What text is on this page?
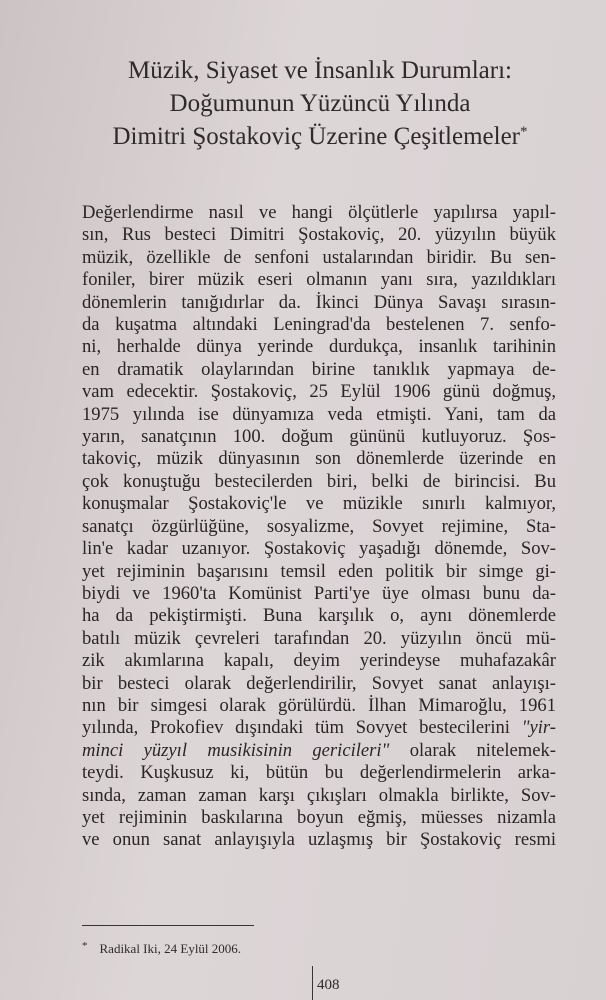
Müzik, Siyaset ve İnsanlık Durumları:
Doğumunun Yüzüncü Yılında
Dimitri Şostakoviç Üzerine Çeşitlemeler*
Değerlendirme nasıl ve hangi ölçütlerle yapılırsa yapıl-
sın, Rus besteci Dimitri Şostakoviç, 20. yüzyılın büyük
müzik, özellikle de senfoni ustalarından biridir. Bu sen-
foniler, birer müzik eseri olmanın yanı sıra, yazıldıkları
dönemlerin tanığıdırlar da. İkinci Dünya Savaşı sırasın-
da kuşatma altındaki Leningrad'da bestelenen 7. senfo-
ni, herhalde dünya yerinde durdukça, insanlık tarihinin
en dramatik olaylarından birine tanıklık yapmaya de-
vam edecektir. Şostakoviç, 25 Eylül 1906 günü doğmuş,
1975 yılında ise dünyamıza veda etmişti. Yani, tam da
yarın, sanatçının 100. doğum gününü kutluyoruz. Şos-
takoviç, müzik dünyasının son dönemlerde üzerinde en
çok konuştuğu bestecilerden biri, belki de birincisi. Bu
konuşmalar Şostakoviç'le ve müzikle sınırlı kalmıyor,
sanatçı özgürlüğüne, sosyalizme, Sovyet rejimine, Sta-
lin'e kadar uzanıyor. Şostakoviç yaşadığı dönemde, Sov-
yet rejiminin başarısını temsil eden politik bir simge gi-
biydi ve 1960'ta Komünist Parti'ye üye olması bunu da-
ha da pekiştirmişti. Buna karşılık o, aynı dönemlerde
batılı müzik çevreleri tarafından 20. yüzyılın öncü mü-
zik akımlarına kapalı, deyim yerindeyse muhafazakâr
bir besteci olarak değerlendirilir, Sovyet sanat anlayışı-
nın bir simgesi olarak görülürdü. İlhan Mimaroğlu, 1961
yılında, Prokofiev dışındaki tüm Sovyet bestecilerini "yir-
minci yüzyıl musikisinin gericileri" olarak nitelemek-
teydi. Kuşkusuz ki, bütün bu değerlendirmelerin arka-
sında, zaman zaman karşı çıkışları olmakla birlikte, Sov-
yet rejiminin baskılarına boyun eğmiş, müesses nizamla
ve onun sanat anlayışıyla uzlaşmış bir Şostakoviç resmi
* Radikal Iki, 24 Eylül 2006.
408
